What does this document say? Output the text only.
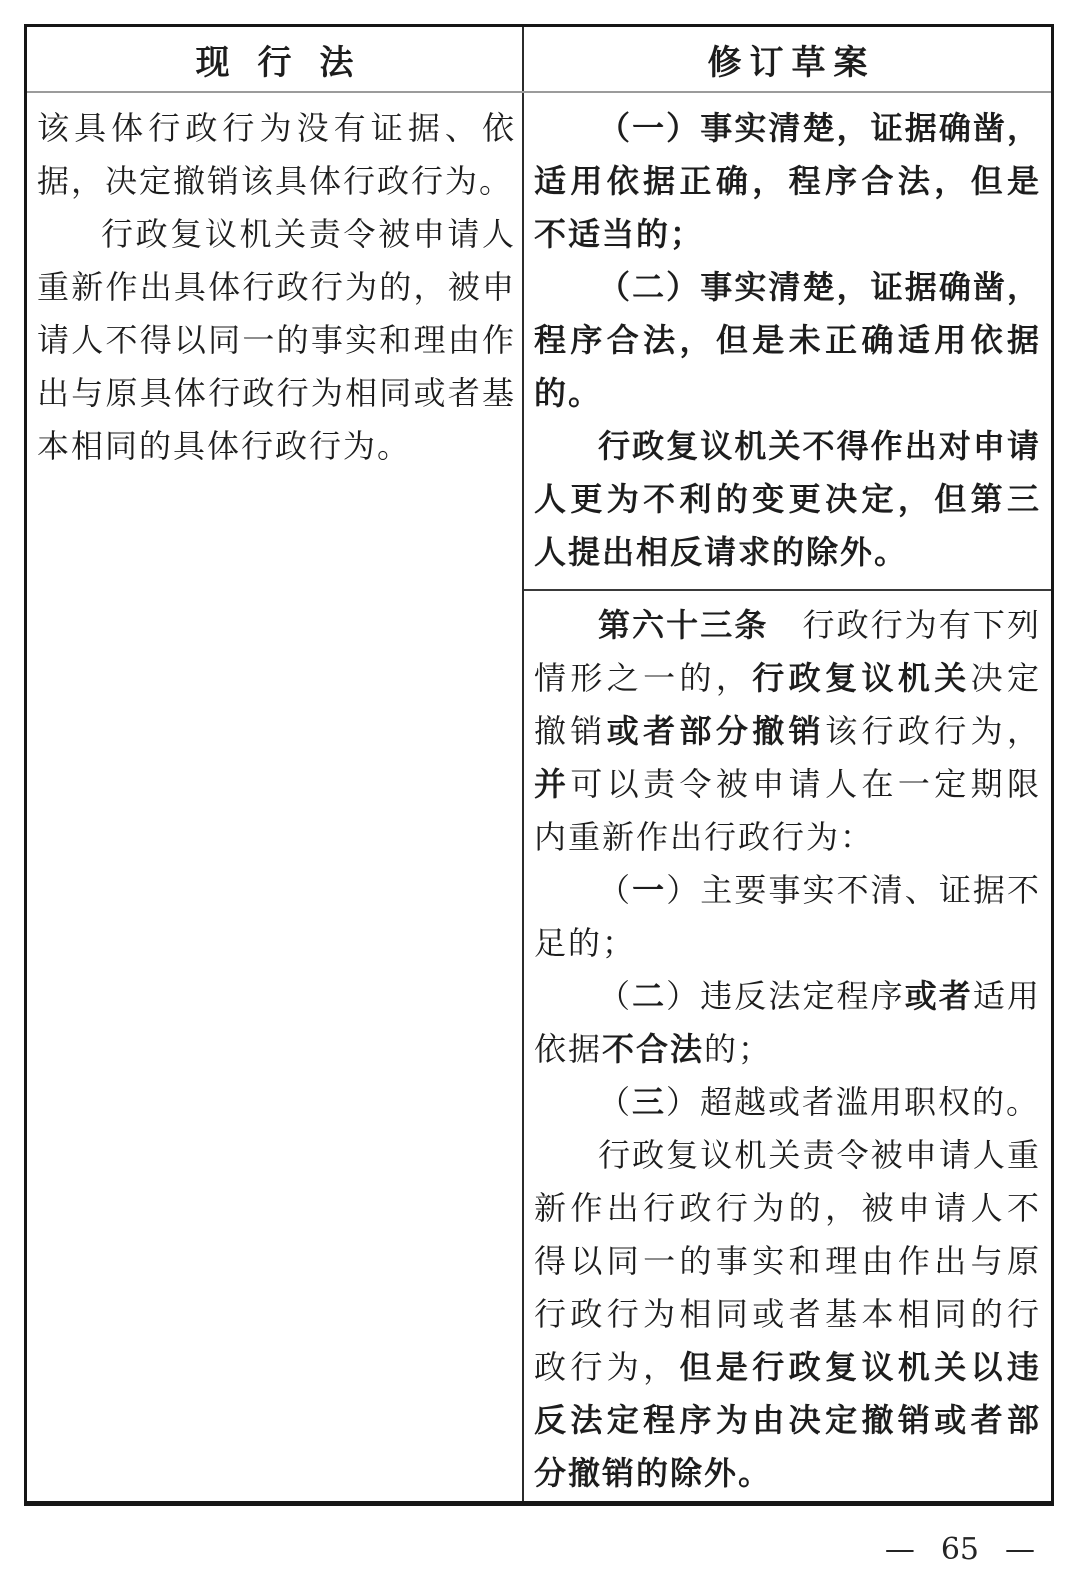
现 行 法	修订草案

该具体行政行为没有证据、依据，决定撤销该具体行政行为。

行政复议机关责令被申请人重新作出具体行政行为的，被申请人不得以同一的事实和理由作出与原具体行政行为相同或者基本相同的具体行政行为。

（一）事实清楚，证据确凿，适用依据正确，程序合法，但是不适当的；

（二）事实清楚，证据确凿，程序合法，但是未正确适用依据的。

行政复议机关不得作出对申请人更为不利的变更决定，但第三人提出相反请求的除外。

第六十三条　行政行为有下列情形之一的，行政复议机关决定撤销或者部分撤销该行政行为，并可以责令被申请人在一定期限内重新作出行政行为：

（一）主要事实不清、证据不足的；

（二）违反法定程序或者适用依据不合法的；

（三）超越或者滥用职权的。

行政复议机关责令被申请人重新作出行政行为的，被申请人不得以同一的事实和理由作出与原行政行为相同或者基本相同的行政行为，但是行政复议机关以违反法定程序为由决定撤销或者部分撤销的除外。

— 65 —
